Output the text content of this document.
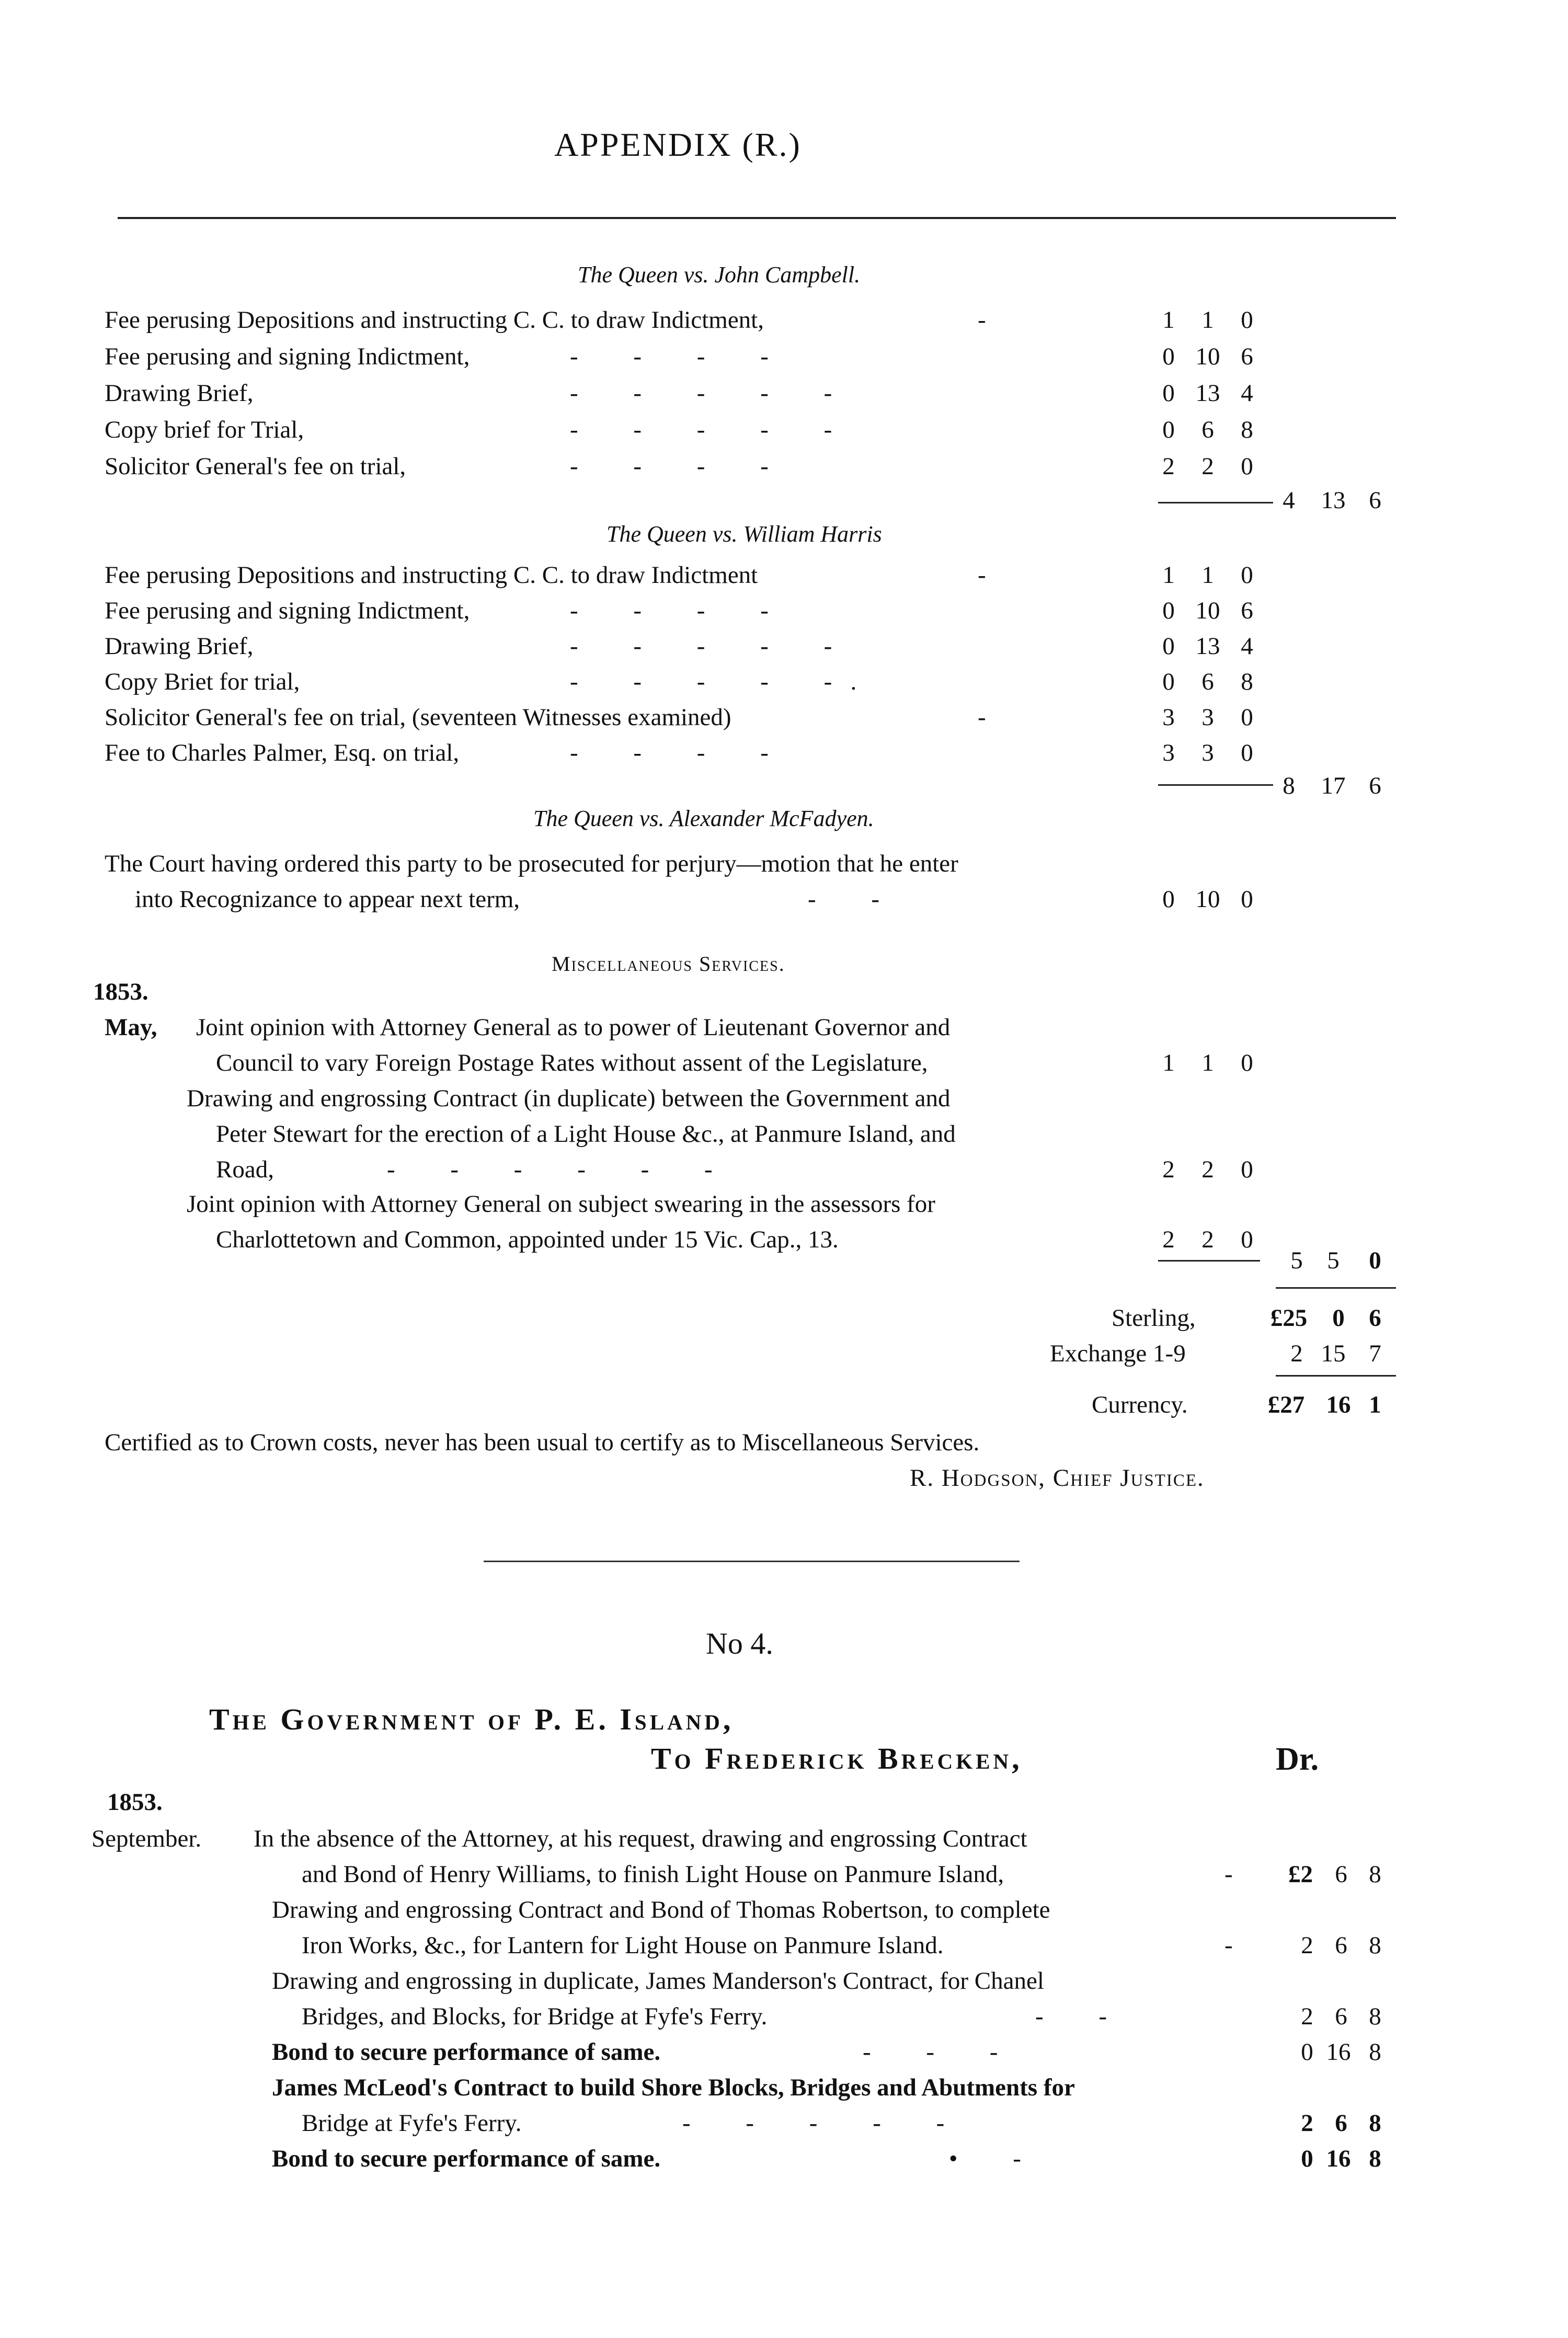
APPENDIX (R.)
The Queen vs. John Campbell.
Fee perusing Depositions and instructing C. C. to draw Indictment,	-	1	1	0
Fee perusing and signing Indictment,	-         -         -         -	0 10 6
Drawing Brief,	-         -         -         -         -	0 13 4
Copy brief for Trial,	-         -         -         -         -	0	6	8
Solicitor General's fee on trial,	-         -         -         -	2	2	0
4 13 6
The Queen vs. William Harris
Fee perusing Depositions and instructing C. C. to draw Indictment	-	1	1	0
Fee perusing and signing Indictment,	-         -         -         -	0 10 6
Drawing Brief,	-         -         -         -         -	0 13 4
Copy Briet for trial,	-         -         -         -         -   .	0	6	8
Solicitor General's fee on trial, (seventeen Witnesses examined)	-	3	3	0
Fee to Charles Palmer, Esq. on trial,	-         -         -         -	3	3	0
8 17 6
The Queen vs. Alexander McFadyen.
The Court having ordered this party to be prosecuted for perjury—motion that he enter
into Recognizance to appear next term,	-         -	0 10 0
Miscellaneous Services.
1853.
May, Joint opinion with Attorney General as to power of Lieutenant Governor and
Council to vary Foreign Postage Rates without assent of the Legislature,	1	1	0
Drawing and engrossing Contract (in duplicate) between the Government and
Peter Stewart for the erection of a Light House &c., at Panmure Island, and
Road,	-         -         -         -         -         -	2	2	0
Joint opinion with Attorney General on subject swearing in the assessors for
Charlottetown and Common, appointed under 15 Vic. Cap., 13.	2	2	0
5 5	0
Sterling,	£25	0 6
Exchange 1-9	2 15 7
Currency.	£27 16 1
Certified as to Crown costs, never has been usual to certify as to Miscellaneous Services.
R. Hodgson, Chief Justice.
No 4.
The Government of P. E. Island,
To Frederick Brecken,	Dr.
1853.
September. In the absence of the Attorney, at his request, drawing and engrossing Contract
and Bond of Henry Williams, to finish Light House on Panmure Island,	- £2 6 8
Drawing and engrossing Contract and Bond of Thomas Robertson, to complete
Iron Works, &c., for Lantern for Light House on Panmure Island.	-	2 6 8
Drawing and engrossing in duplicate, James Manderson's Contract, for Chanel
Bridges, and Blocks, for Bridge at Fyfe's Ferry.	-         -	2 6 8
Bond to secure performance of same.	-         -         -	0 16 8
James McLeod's Contract to build Shore Blocks, Bridges and Abutments for
Bridge at Fyfe's Ferry.	-         -         -         -         -	2 6 8
Bond to secure performance of same.	•         -	0 16 8
